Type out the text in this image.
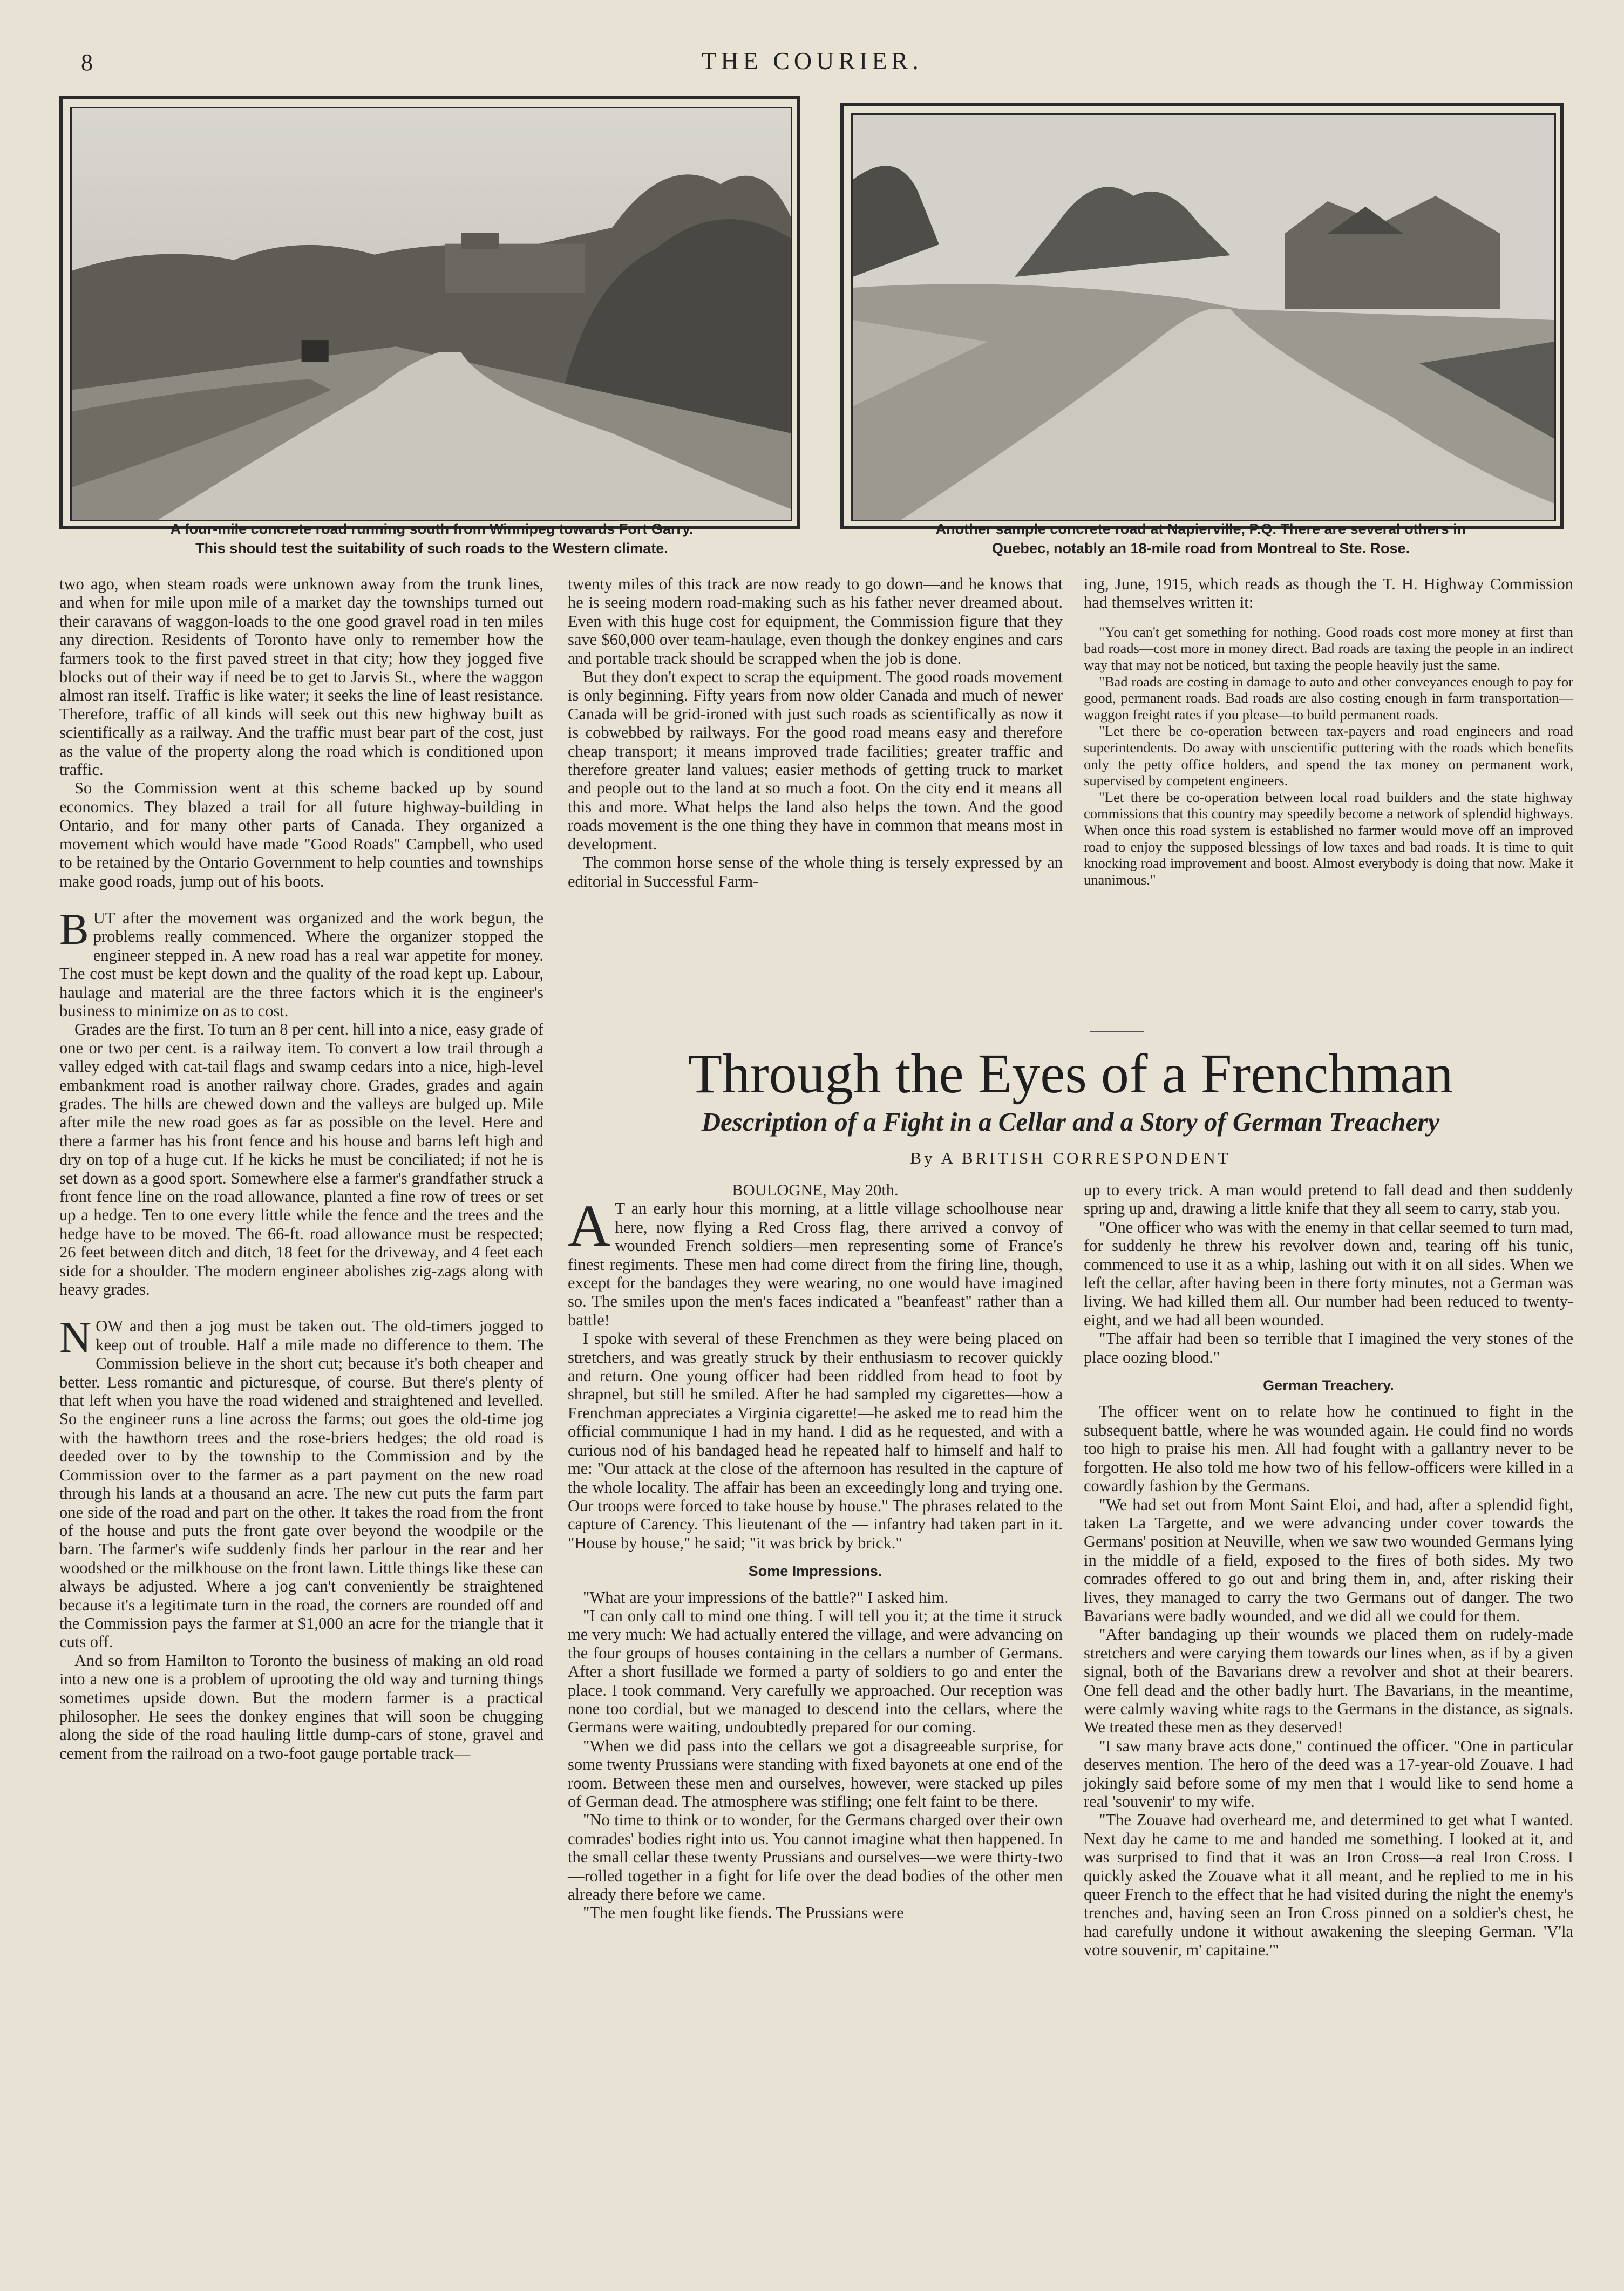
8	THE COURIER.
A four-mile concrete road running south from Winnipeg towards Fort Garry.
This should test the suitability of such roads to the Western climate.
Another sample concrete road at Napierville, P.Q. There are several others in
Quebec, notably an 18-mile road from Montreal to Ste. Rose.

two ago, when steam roads were unknown away from the trunk lines, and when for mile upon mile of a market day the townships turned out their caravans of waggon-loads to the one good gravel road in ten miles any direction. Residents of Toronto have only to remember how the farmers took to the first paved street in that city; how they jogged five blocks out of their way if need be to get to Jarvis St., where the waggon almost ran itself. Traffic is like water; it seeks the line of least resistance. Therefore, traffic of all kinds will seek out this new highway built as scientifically as a railway. And the traffic must bear part of the cost, just as the value of the property along the road which is conditioned upon traffic.

So the Commission went at this scheme backed up by sound economics. They blazed a trail for all future highway-building in Ontario, and for many other parts of Canada. They organized a movement which would have made "Good Roads" Campbell, who used to be retained by the Ontario Government to help counties and townships make good roads, jump out of his boots.

BUT after the movement was organized and the work begun, the problems really commenced. Where the organizer stopped the engineer stepped in. A new road has a real war appetite for money. The cost must be kept down and the quality of the road kept up. Labour, haulage and material are the three factors which it is the engineer's business to minimize on as to cost.

Grades are the first. To turn an 8 per cent. hill into a nice, easy grade of one or two per cent. is a railway item. To convert a low trail through a valley edged with cat-tail flags and swamp cedars into a nice, high-level embankment road is another railway chore. Grades, grades and again grades. The hills are chewed down and the valleys are bulged up. Mile after mile the new road goes as far as possible on the level. Here and there a farmer has his front fence and his house and barns left high and dry on top of a huge cut. If he kicks he must be conciliated; if not he is set down as a good sport. Somewhere else a farmer's grandfather struck a front fence line on the road allowance, planted a fine row of trees or set up a hedge. Ten to one every little while the fence and the trees and the hedge have to be moved. The 66-ft. road allowance must be respected; 26 feet between ditch and ditch, 18 feet for the driveway, and 4 feet each side for a shoulder. The modern engineer abolishes zig-zags along with heavy grades.

NOW and then a jog must be taken out. The old-timers jogged to keep out of trouble. Half a mile made no difference to them. The Commission believe in the short cut; because it's both cheaper and better. Less romantic and picturesque, of course. But there's plenty of that left when you have the road widened and straightened and levelled. So the engineer runs a line across the farms; out goes the old-time jog with the hawthorn trees and the rose-briers hedges; the old road is deeded over to by the township to the Commission and by the Commission over to the farmer as a part payment on the new road through his lands at a thousand an acre. The new cut puts the farm part one side of the road and part on the other. It takes the road from the front of the house and puts the front gate over beyond the woodpile or the barn. The farmer's wife suddenly finds her parlour in the rear and her woodshed or the milkhouse on the front lawn. Little things like these can always be adjusted. Where a jog can't conveniently be straightened because it's a legitimate turn in the road, the corners are rounded off and the Commission pays the farmer at $1,000 an acre for the triangle that it cuts off.

And so from Hamilton to Toronto the business of making an old road into a new one is a problem of uprooting the old way and turning things sometimes upside down. But the modern farmer is a practical philosopher. He sees the donkey engines that will soon be chugging along the side of the road hauling little dump-cars of stone, gravel and cement from the railroad on a two-foot gauge portable track—

twenty miles of this track are now ready to go down—and he knows that he is seeing modern road-making such as his father never dreamed about. Even with this huge cost for equipment, the Commission figure that they save $60,000 over team-haulage, even though the donkey engines and cars and portable track should be scrapped when the job is done.

But they don't expect to scrap the equipment. The good roads movement is only beginning. Fifty years from now older Canada and much of newer Canada will be grid-ironed with just such roads as scientifically as now it is cobwebbed by railways. For the good road means easy and therefore cheap transport; it means improved trade facilities; greater traffic and therefore greater land values; easier methods of getting truck to market and people out to the land at so much a foot. On the city end it means all this and more. What helps the land also helps the town. And the good roads movement is the one thing they have in common that means most in development.

The common horse sense of the whole thing is tersely expressed by an editorial in Successful Farm-

ing, June, 1915, which reads as though the T. H. Highway Commission had themselves written it:

"You can't get something for nothing. Good roads cost more money at first than bad roads—cost more in money direct. Bad roads are taxing the people in an indirect way that may not be noticed, but taxing the people heavily just the same.

"Bad roads are costing in damage to auto and other conveyances enough to pay for good, permanent roads. Bad roads are also costing enough in farm transportation—waggon freight rates if you please—to build permanent roads.

"Let there be co-operation between tax-payers and road engineers and road superintendents. Do away with unscientific puttering with the roads which benefits only the petty office holders, and spend the tax money on permanent work, supervised by competent engineers.

"Let there be co-operation between local road builders and the state highway commissions that this country may speedily become a network of splendid highways. When once this road system is established no farmer would move off an improved road to enjoy the supposed blessings of low taxes and bad roads. It is time to quit knocking road improvement and boost. Almost everybody is doing that now. Make it unanimous."

Through the Eyes of a Frenchman
Description of a Fight in a Cellar and a Story of German Treachery
By A BRITISH CORRESPONDENT
BOULOGNE, May 20th.

A T an early hour this morning, at a little village schoolhouse near here, now flying a Red Cross flag, there arrived a convoy of wounded French soldiers—men representing some of France's finest regiments. These men had come direct from the firing line, though, except for the bandages they were wearing, no one would have imagined so. The smiles upon the men's faces indicated a "beanfeast" rather than a battle!

I spoke with several of these Frenchmen as they were being placed on stretchers, and was greatly struck by their enthusiasm to recover quickly and return. One young officer had been riddled from head to foot by shrapnel, but still he smiled. After he had sampled my cigarettes—how a Frenchman appreciates a Virginia cigarette!—he asked me to read him the official communique I had in my hand. I did as he requested, and with a curious nod of his bandaged head he repeated half to himself and half to me: "Our attack at the close of the afternoon has resulted in the capture of the whole locality. The affair has been an exceedingly long and trying one. Our troops were forced to take house by house." The phrases related to the capture of Carency. This lieutenant of the — infantry had taken part in it. "House by house," he said; "it was brick by brick."

Some Impressions.

"What are your impressions of the battle?" I asked him.

"I can only call to mind one thing. I will tell you it; at the time it struck me very much: We had actually entered the village, and were advancing on the four groups of houses containing in the cellars a number of Germans. After a short fusillade we formed a party of soldiers to go and enter the place. I took command. Very carefully we approached. Our reception was none too cordial, but we managed to descend into the cellars, where the Germans were waiting, undoubtedly prepared for our coming.

"When we did pass into the cellars we got a disagreeable surprise, for some twenty Prussians were standing with fixed bayonets at one end of the room. Between these men and ourselves, however, were stacked up piles of German dead. The atmosphere was stifling; one felt faint to be there.

"No time to think or to wonder, for the Germans charged over their own comrades' bodies right into us. You cannot imagine what then happened. In the small cellar these twenty Prussians and ourselves—we were thirty-two—rolled together in a fight for life over the dead bodies of the other men already there before we came.

"The men fought like fiends. The Prussians were

up to every trick. A man would pretend to fall dead and then suddenly spring up and, drawing a little knife that they all seem to carry, stab you.

"One officer who was with the enemy in that cellar seemed to turn mad, for suddenly he threw his revolver down and, tearing off his tunic, commenced to use it as a whip, lashing out with it on all sides. When we left the cellar, after having been in there forty minutes, not a German was living. We had killed them all. Our number had been reduced to twenty-eight, and we had all been wounded.

"The affair had been so terrible that I imagined the very stones of the place oozing blood."

German Treachery.

The officer went on to relate how he continued to fight in the subsequent battle, where he was wounded again. He could find no words too high to praise his men. All had fought with a gallantry never to be forgotten. He also told me how two of his fellow-officers were killed in a cowardly fashion by the Germans.

"We had set out from Mont Saint Eloi, and had, after a splendid fight, taken La Targette, and we were advancing under cover towards the Germans' position at Neuville, when we saw two wounded Germans lying in the middle of a field, exposed to the fires of both sides. My two comrades offered to go out and bring them in, and, after risking their lives, they managed to carry the two Germans out of danger. The two Bavarians were badly wounded, and we did all we could for them.

"After bandaging up their wounds we placed them on rudely-made stretchers and were carying them towards our lines when, as if by a given signal, both of the Bavarians drew a revolver and shot at their bearers. One fell dead and the other badly hurt. The Bavarians, in the meantime, were calmly waving white rags to the Germans in the distance, as signals. We treated these men as they deserved!

"I saw many brave acts done," continued the officer. "One in particular deserves mention. The hero of the deed was a 17-year-old Zouave. I had jokingly said before some of my men that I would like to send home a real 'souvenir' to my wife.

"The Zouave had overheard me, and determined to get what I wanted. Next day he came to me and handed me something. I looked at it, and was surprised to find that it was an Iron Cross—a real Iron Cross. I quickly asked the Zouave what it all meant, and he replied to me in his queer French to the effect that he had visited during the night the enemy's trenches and, having seen an Iron Cross pinned on a soldier's chest, he had carefully undone it without awakening the sleeping German. 'V'la votre souvenir, m' capitaine.'"
